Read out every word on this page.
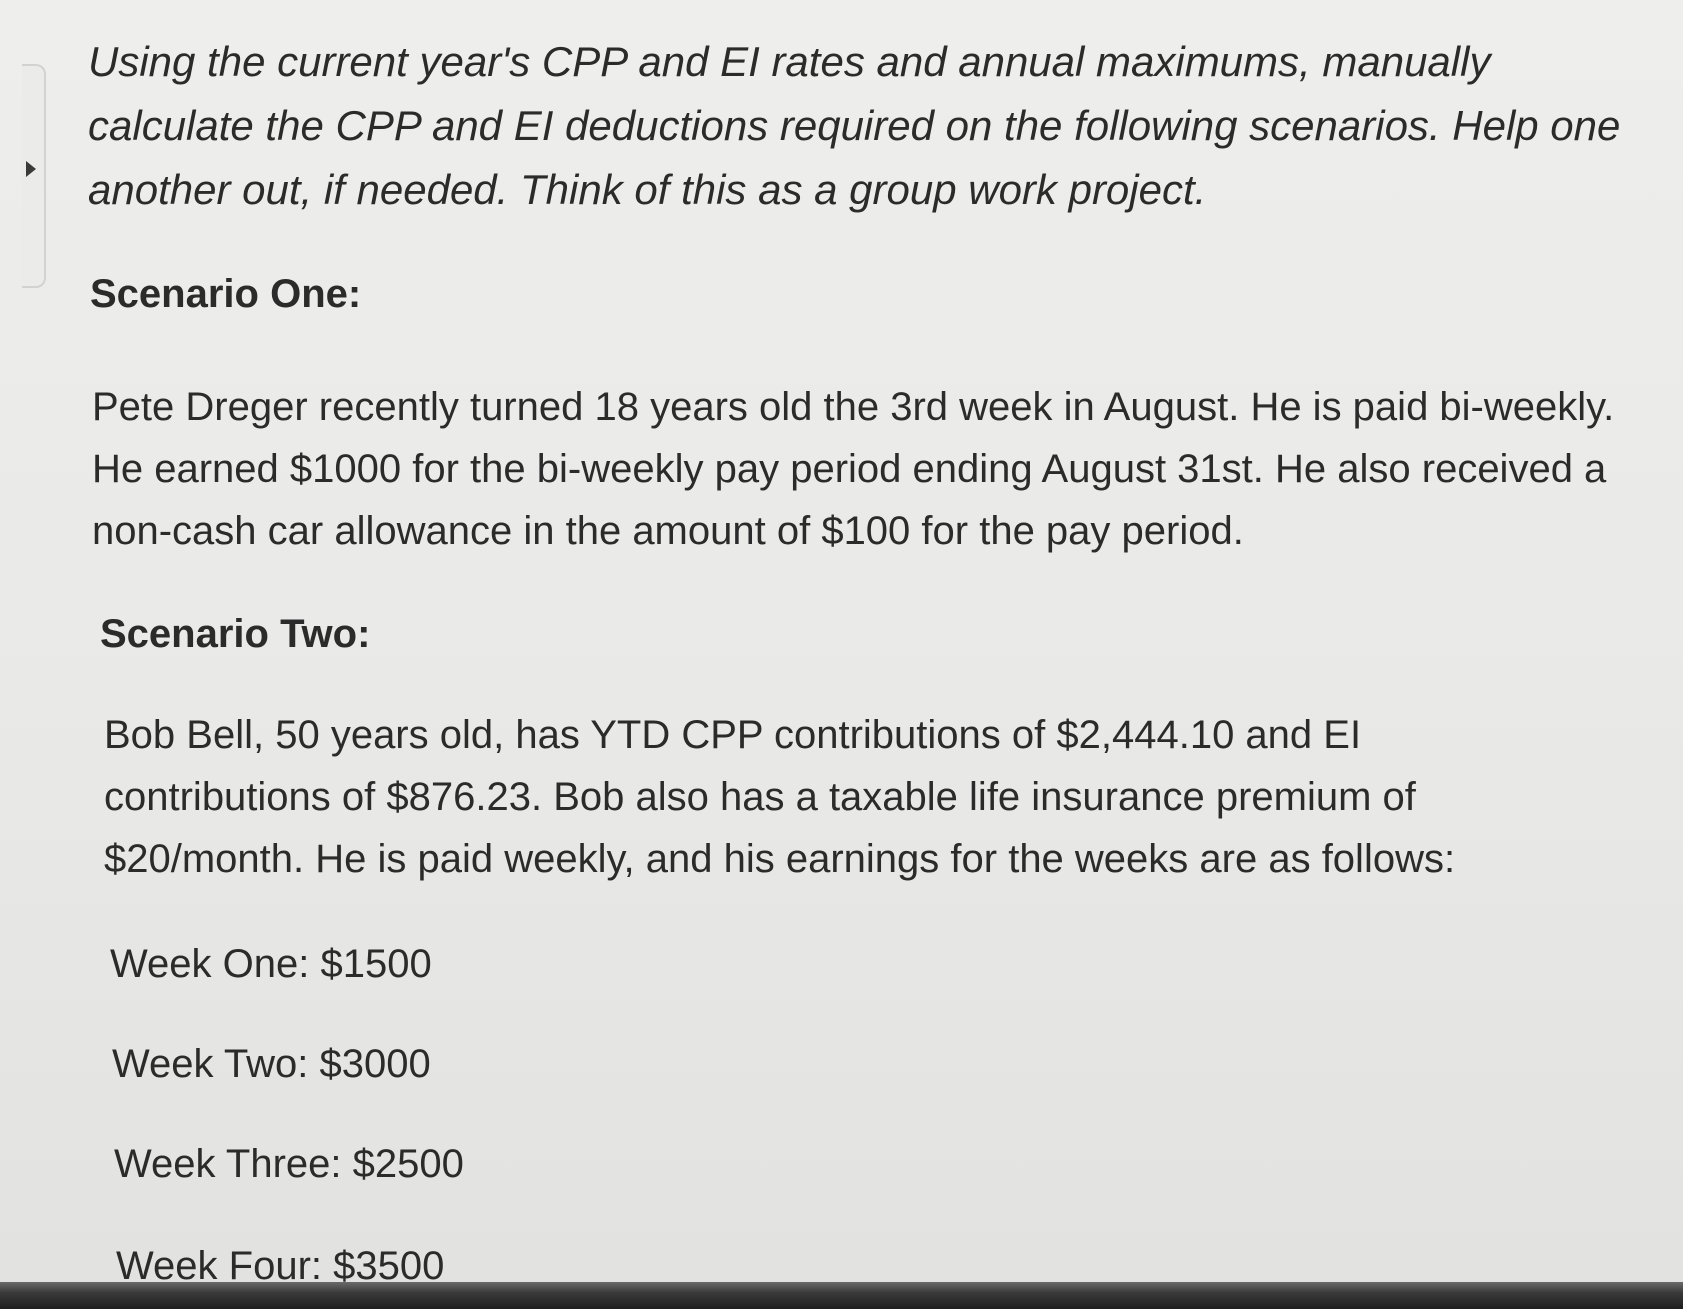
Using the current year's CPP and EI rates and annual maximums, manually calculate the CPP and EI deductions required on the following scenarios. Help one another out, if needed. Think of this as a group work project.

Scenario One:

Pete Dreger recently turned 18 years old the 3rd week in August. He is paid bi-weekly. He earned $1000 for the bi-weekly pay period ending August 31st. He also received a non-cash car allowance in the amount of $100 for the pay period.

Scenario Two:

Bob Bell, 50 years old, has YTD CPP contributions of $2,444.10 and EI contributions of $876.23. Bob also has a taxable life insurance premium of $20/month. He is paid weekly, and his earnings for the weeks are as follows:

Week One: $1500

Week Two: $3000

Week Three: $2500

Week Four: $3500
